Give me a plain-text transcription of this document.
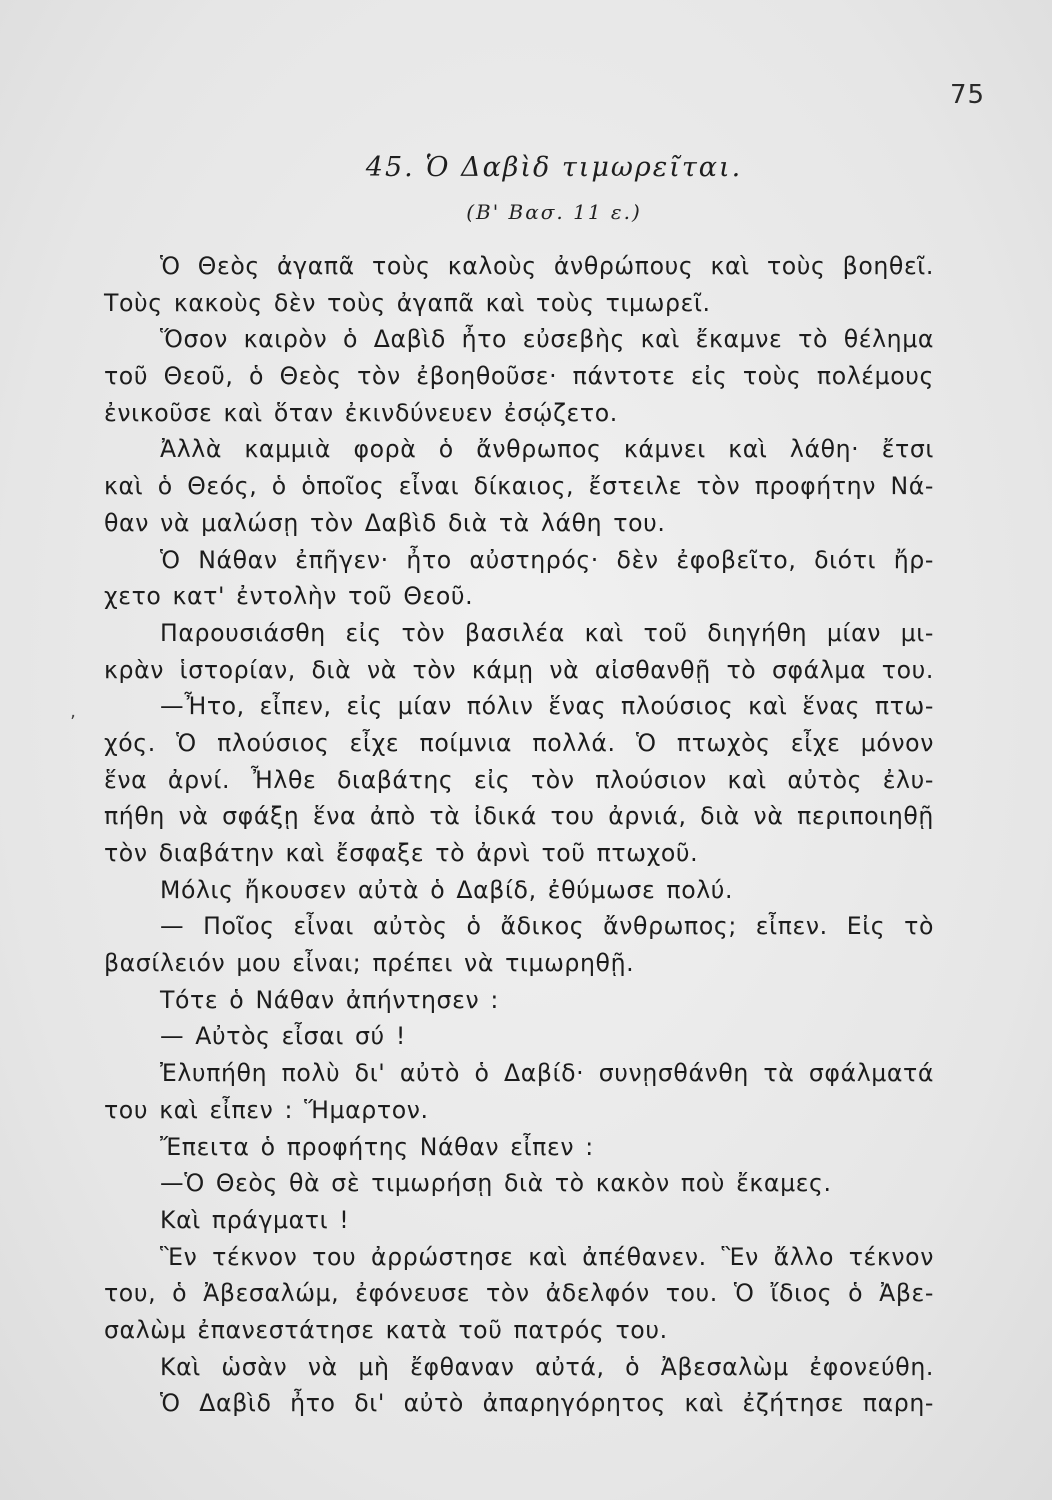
75
45. Ὁ Δαβὶδ τιμωρεῖται.
(Β' Βασ. 11 ε.)
ʼ
Ὁ Θεὸς ἀγαπᾶ τοὺς καλοὺς ἀνθρώπους καὶ τοὺς βοηθεῖ.
Τοὺς κακοὺς δὲν τοὺς ἀγαπᾶ καὶ τοὺς τιμωρεῖ.
Ὅσον καιρὸν ὁ Δαβὶδ ἦτο εὐσεβὴς καὶ ἔκαμνε τὸ θέλημα
τοῦ Θεοῦ, ὁ Θεὸς τὸν ἐβοηθοῦσε· πάντοτε εἰς τοὺς πολέμους
ἐνικοῦσε καὶ ὅταν ἐκινδύνευεν ἐσῴζετο.
Ἀλλὰ καμμιὰ φορὰ ὁ ἄνθρωπος κάμνει καὶ λάθη· ἔτσι
καὶ ὁ Θεός, ὁ ὁποῖος εἶναι δίκαιος, ἔστειλε τὸν προφήτην Νά-
θαν νὰ μαλώσῃ τὸν Δαβὶδ διὰ τὰ λάθη του.
Ὁ Νάθαν ἐπῆγεν· ἦτο αὐστηρός· δὲν ἐφοβεῖτο, διότι ἤρ-
χετο κατ' ἐντολὴν τοῦ Θεοῦ.
Παρουσιάσθη εἰς τὸν βασιλέα καὶ τοῦ διηγήθη μίαν μι-
κρὰν ἱστορίαν, διὰ νὰ τὸν κάμῃ νὰ αἰσθανθῇ τὸ σφάλμα του.
—Ἦτο, εἶπεν, εἰς μίαν πόλιν ἕνας πλούσιος καὶ ἕνας πτω-
χός. Ὁ πλούσιος εἶχε ποίμνια πολλά. Ὁ πτωχὸς εἶχε μόνον
ἕνα ἀρνί. Ἦλθε διαβάτης εἰς τὸν πλούσιον καὶ αὐτὸς ἐλυ-
πήθη νὰ σφάξῃ ἕνα ἀπὸ τὰ ἰδικά του ἀρνιά, διὰ νὰ περιποιηθῇ
τὸν διαβάτην καὶ ἔσφαξε τὸ ἀρνὶ τοῦ πτωχοῦ.
Μόλις ἤκουσεν αὐτὰ ὁ Δαβίδ, ἐθύμωσε πολύ.
— Ποῖος εἶναι αὐτὸς ὁ ἄδικος ἄνθρωπος; εἶπεν. Εἰς τὸ
βασίλειόν μου εἶναι; πρέπει νὰ τιμωρηθῇ.
Τότε ὁ Νάθαν ἀπήντησεν :
— Αὐτὸς εἶσαι σύ !
Ἐλυπήθη πολὺ δι' αὐτὸ ὁ Δαβίδ· συνῃσθάνθη τὰ σφάλματά
του καὶ εἶπεν : Ἥμαρτον.
Ἔπειτα ὁ προφήτης Νάθαν εἶπεν :
—Ὁ Θεὸς θὰ σὲ τιμωρήσῃ διὰ τὸ κακὸν ποὺ ἔκαμες.
Καὶ πράγματι !
Ἓν τέκνον του ἀρρώστησε καὶ ἀπέθανεν. Ἓν ἄλλο τέκνον
του, ὁ Ἀβεσαλώμ, ἐφόνευσε τὸν ἀδελφόν του. Ὁ ἴδιος ὁ Ἀβε-
σαλὼμ ἐπανεστάτησε κατὰ τοῦ πατρός του.
Καὶ ὡσὰν νὰ μὴ ἔφθαναν αὐτά, ὁ Ἀβεσαλὼμ ἐφονεύθη.
Ὁ Δαβὶδ ἦτο δι' αὐτὸ ἀπαρηγόρητος καὶ ἐζήτησε παρη-
